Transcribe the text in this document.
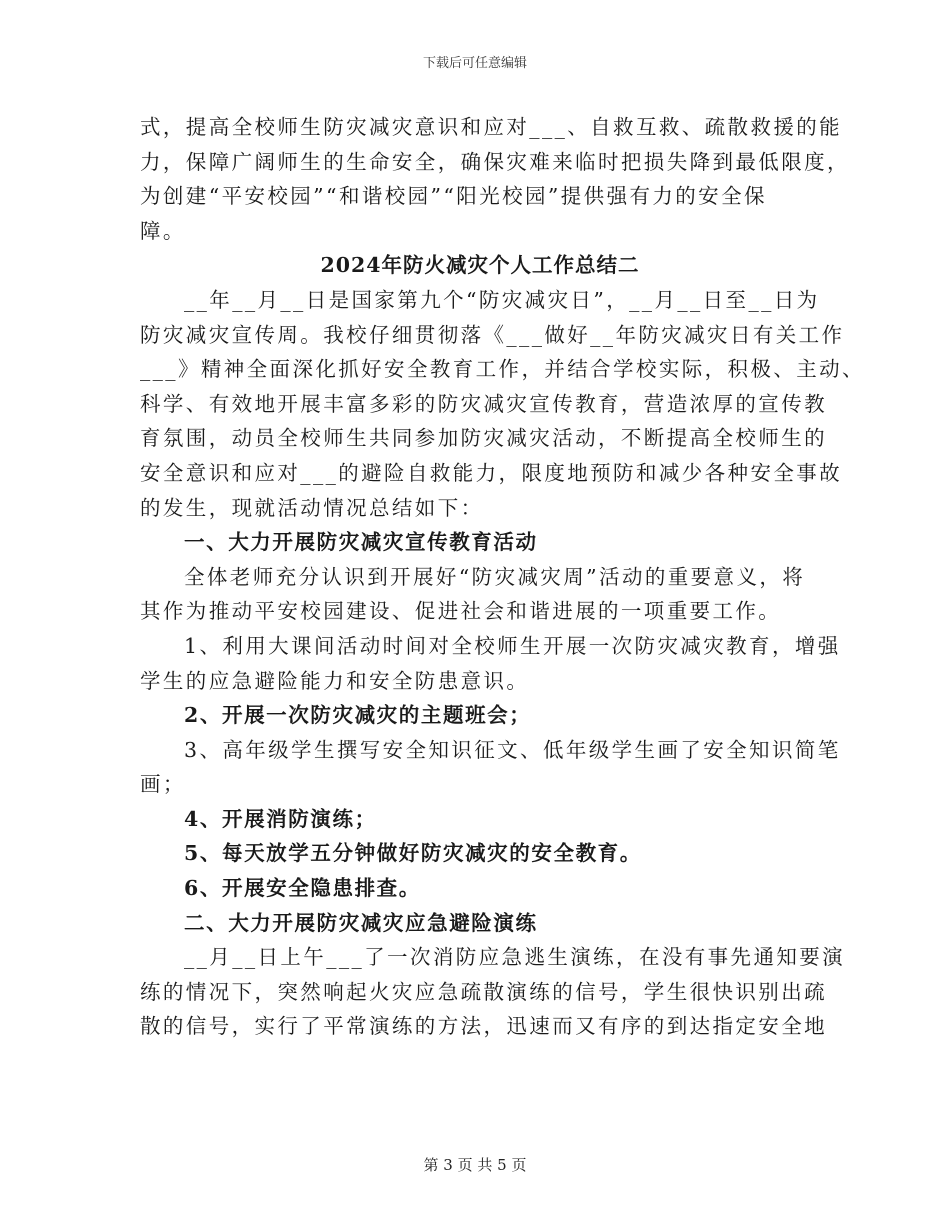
下载后可任意编辑
式，提高全校师生防灾减灾意识和应对___、自救互救、疏散救援的能
力，保障广阔师生的生命安全，确保灾难来临时把损失降到最低限度，
为创建“平安校园”“和谐校园”“阳光校园”提供强有力的安全保
障。
2024年防火减灾个人工作总结二
__年__月__日是国家第九个“防灾减灾日”，__月__日至__日为
防灾减灾宣传周。我校仔细贯彻落《___做好__年防灾减灾日有关工作
___》精神全面深化抓好安全教育工作，并结合学校实际，积极、主动、
科学、有效地开展丰富多彩的防灾减灾宣传教育，营造浓厚的宣传教
育氛围，动员全校师生共同参加防灾减灾活动，不断提高全校师生的
安全意识和应对___的避险自救能力，限度地预防和减少各种安全事故
的发生，现就活动情况总结如下：
一、大力开展防灾减灾宣传教育活动
全体老师充分认识到开展好“防灾减灾周”活动的重要意义，将
其作为推动平安校园建设、促进社会和谐进展的一项重要工作。
1、利用大课间活动时间对全校师生开展一次防灾减灾教育，增强
学生的应急避险能力和安全防患意识。
2、开展一次防灾减灾的主题班会；
3、高年级学生撰写安全知识征文、低年级学生画了安全知识简笔
画；
4、开展消防演练；
5、每天放学五分钟做好防灾减灾的安全教育。
6、开展安全隐患排查。
二、大力开展防灾减灾应急避险演练
__月__日上午___了一次消防应急逃生演练，在没有事先通知要演
练的情况下，突然响起火灾应急疏散演练的信号，学生很快识别出疏
散的信号，实行了平常演练的方法，迅速而又有序的到达指定安全地
第 3 页 共 5 页
